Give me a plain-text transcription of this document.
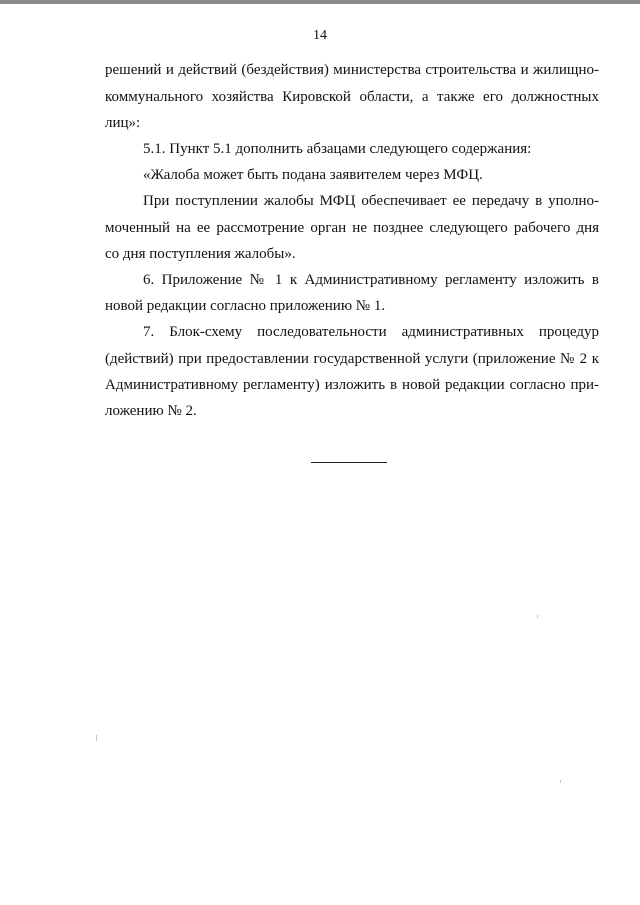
14
решений и действий (бездействия) министерства строительства и жилищно-
коммунального хозяйства Кировской области, а также его должностных
лиц»:
5.1. Пункт 5.1 дополнить абзацами следующего содержания:
«Жалоба может быть подана заявителем через МФЦ.
При поступлении жалобы МФЦ обеспечивает ее передачу в уполно-
моченный на ее рассмотрение орган не позднее следующего рабочего дня
со дня поступления жалобы».
6. Приложение № 1 к Административному регламенту изложить в
новой редакции согласно приложению № 1.
7. Блок-схему последовательности административных процедур
(действий) при предоставлении государственной услуги (приложение № 2 к
Административному регламенту) изложить в новой редакции согласно при-
ложению № 2.
